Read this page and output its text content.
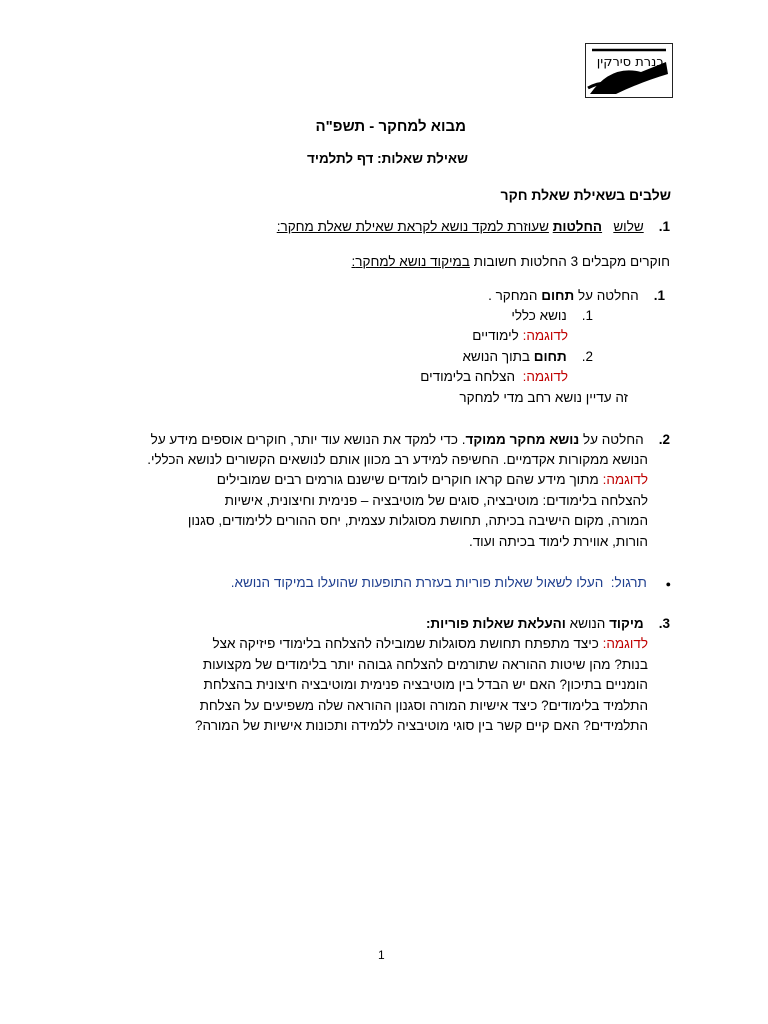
כנרת סירקין
מבוא למחקר - תשפ"ה
שאילת שאלות: דף לתלמיד
שלבים בשאילת שאלת חקר
1.    שלוש   החלטות שעוזרת למקד נושא לקראת שאילת שאלת מחקר:
חוקרים מקבלים 3 החלטות חשובות במיקוד נושא למחקר:
1.    החלטה על תחום המחקר .
1.    נושא כללי
לדוגמה: לימודיים
2.    תחום בתוך הנושא
לדוגמה:  הצלחה בלימודים
זה עדיין נושא רחב מדי למחקר
2.    החלטה על נושא מחקר ממוקד. כדי למקד את הנושא עוד יותר, חוקרים אוספים מידע על
הנושא ממקורות אקדמיים. החשיפה למידע רב מכוון אותם לנושאים הקשורים לנושא הכללי.
לדוגמה: מתוך מידע שהם קראו חוקרים לומדים שישנם גורמים רבים שמובילים
להצלחה בלימודים: מוטיבציה, סוגים של מוטיבציה – פנימית וחיצונית, אישיות
המורה, מקום הישיבה בכיתה, תחושת מסוגלות עצמית, יחס ההורים ללימודים, סגנון
הורות, אווירת לימוד בכיתה ועוד.
●     תרגול:  העלו לשאול שאלות פוריות בעזרת התופעות שהועלו במיקוד הנושא.
3.    מיקוד הנושא והעלאת שאלות פוריות:
לדוגמה: כיצד מתפתח תחושת מסוגלות שמובילה להצלחה בלימודי פיזיקה אצל
בנות? מהן שיטות ההוראה שתורמים להצלחה גבוהה יותר בלימודים של מקצועות
הומניים בתיכון? האם יש הבדל בין מוטיבציה פנימית ומוטיבציה חיצונית בהצלחת
התלמיד בלימודים? כיצד אישיות המורה וסגנון ההוראה שלה משפיעים על הצלחת
התלמידים? האם קיים קשר בין סוגי מוטיבציה ללמידה ותכונות אישיות של המורה?
1
